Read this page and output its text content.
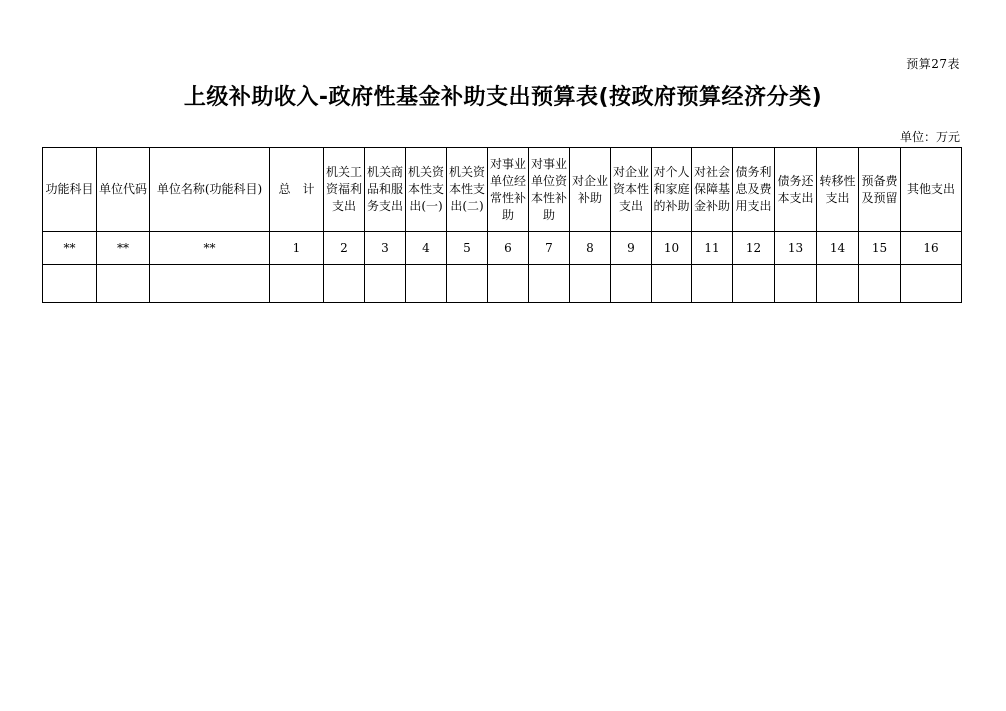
预算27表
上级补助收入-政府性基金补助支出预算表(按政府预算经济分类)
单位：万元
功能科目	单位代码	单位名称(功能科目)	总　计	机关工资福利支出	机关商品和服务支出	机关资本性支出(一)	机关资本性支出(二)	对事业单位经常性补助	对事业单位资本性补助	对企业补助	对企业资本性支出	对个人和家庭的补助	对社会保障基金补助	债务利息及费用支出	债务还本支出	转移性支出	预备费及预留	其他支出
**	**	**	1	2	3	4	5	6	7	8	9	10	11	12	13	14	15	16
